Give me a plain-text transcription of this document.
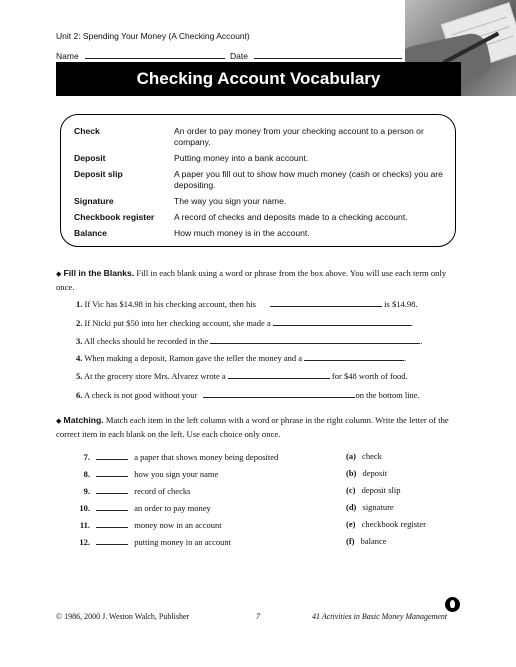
Unit 2: Spending Your Money (A Checking Account)
Name	Date
Checking Account Vocabulary
Check	An order to pay money from your checking account to a person or company.
Deposit	Putting money into a bank account.
Deposit slip	A paper you fill out to show how much money (cash or checks) you are depositing.
Signature	The way you sign your name.
Checkbook register	A record of checks and deposits made to a checking account.
Balance	How much money is in the account.
◆ Fill in the Blanks. Fill in each blank using a word or phrase from the box above. You will use each term only once.
1. If Vic has $14.98 in his checking account, then his	is $14.98.
2. If Nicki put $50 into her checking account, she made a	.
3. All checks should be recorded in the	.
4. When making a deposit, Ramon gave the teller the money and a	.
5. At the grocery store Mrs. Alvarez wrote a	for $48 worth of food.
6. A check is not good without your	on the bottom line.
◆ Matching. Match each item in the left column with a word or phrase in the right column. Write the letter of the correct item in each blank on the left. Use each choice only once.
7.	a paper that shows money being deposited
8.	how you sign your name
9.	record of checks
10.	an order to pay money
11.	money now in an account
12.	putting money in an account
(a) check
(b) deposit
(c) deposit slip
(d) signature
(e) checkbook register
(f) balance
© 1986, 2000 J. Weston Walch, Publisher	7	41 Activities in Basic Money Management
